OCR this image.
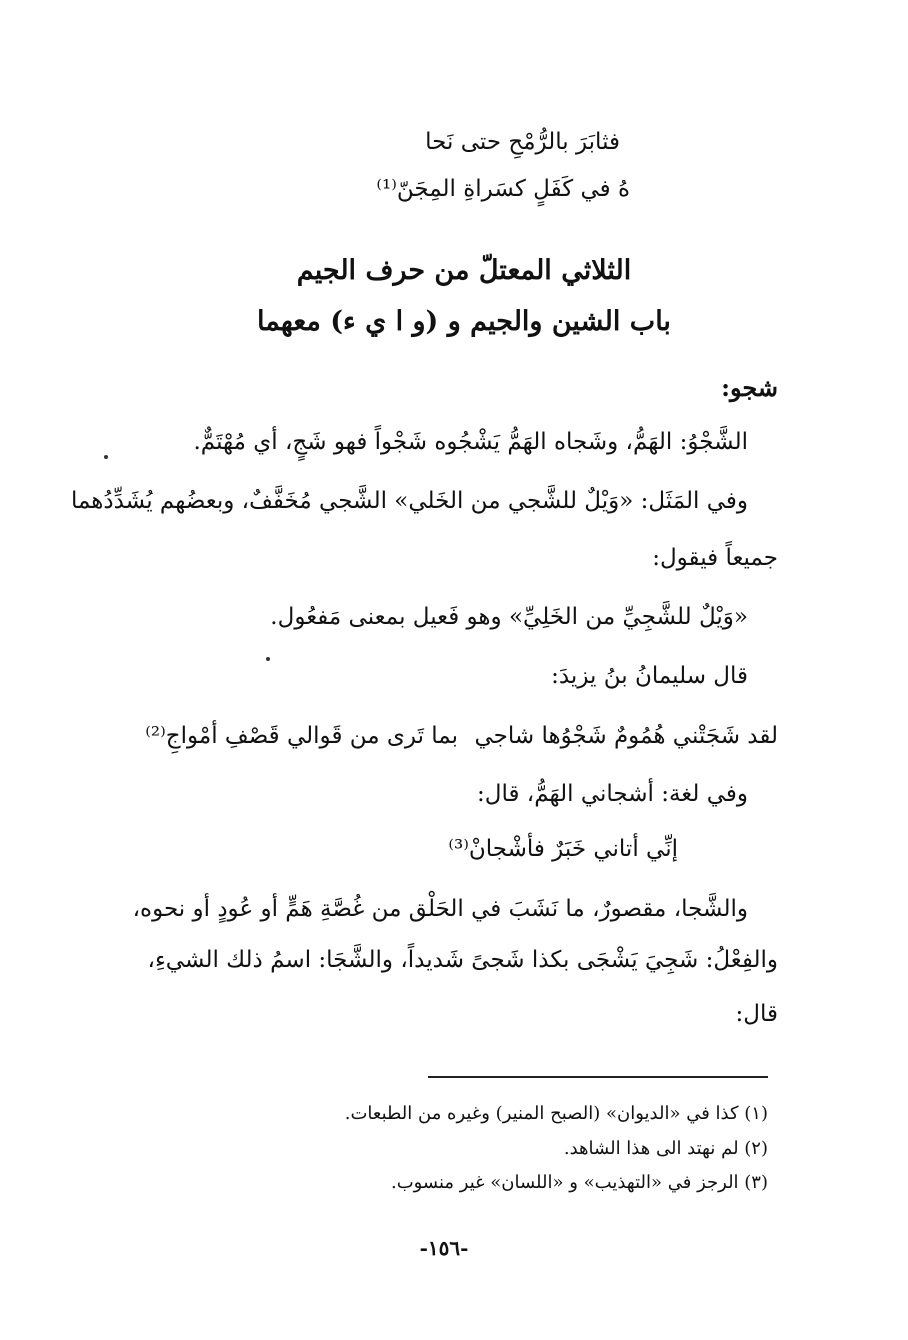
فثابَرَ بالرُّمْحِ حتى نَحا
هُ في كَفَلٍ كسَراةِ المِجَنّ⁽¹⁾
الثلاثي المعتلّ من حرف الجيم
باب الشين والجيم و (و ا ي ء) معهما
شجو:
الشَّجْوُ: الهَمُّ، وشَجاه الهَمُّ يَشْجُوه شَجْواً فهو شَجٍ، أي مُهْتَمٌّ.
وفي المَثَل: «وَيْلٌ للشَّجي من الخَلي» الشَّجي مُخَفَّفٌ، وبعضُهم يُشَدِّدُهما
جميعاً فيقول:
«وَيْلٌ للشَّجِيِّ من الخَلِيِّ» وهو فَعيل بمعنى مَفعُول.
قال سليمانُ بنُ يزيدَ:
لقد شَجَتْني هُمُومٌ شَجْوُها شاجي
بما تَرى من قَوالي قَصْفِ أمْواجِ⁽²⁾
وفي لغة: أشجاني الهَمُّ، قال:
إنِّي أتاني خَبَرٌ فأشْجانْ⁽³⁾
والشَّجا، مقصورٌ، ما نَشَبَ في الحَلْق من غُصَّةِ هَمٍّ أو عُودٍ أو نحوه،
والفِعْلُ: شَجِيَ يَشْجَى بكذا شَجىً شَديداً، والشَّجَا: اسمُ ذلك الشيءِ،
قال:
(١) كذا في «الديوان» (الصبح المنير) وغيره من الطبعات.
(٢) لم نهتد الى هذا الشاهد.
(٣) الرجز في «التهذيب» و «اللسان» غير منسوب.
-١٥٦-
